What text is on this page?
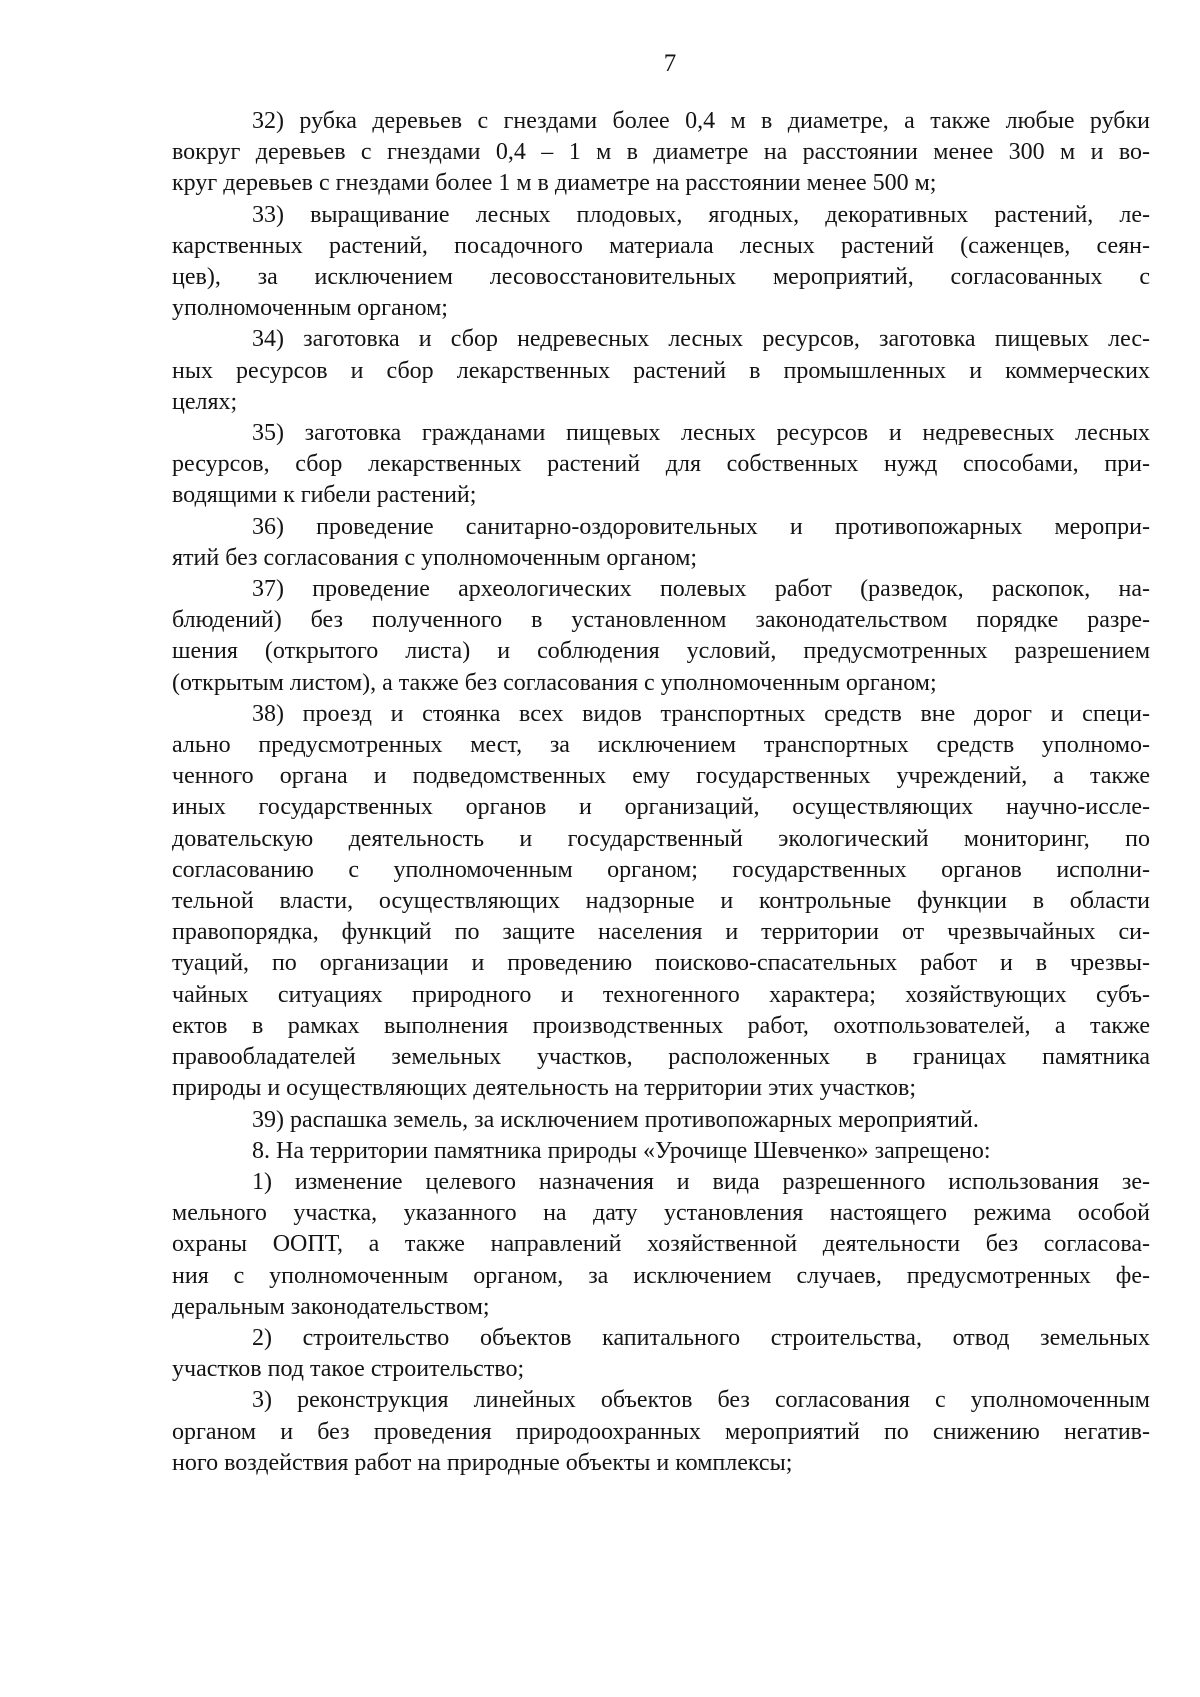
7
32) рубка деревьев с гнездами более 0,4 м в диаметре, а также любые рубки
вокруг деревьев с гнездами 0,4 – 1 м в диаметре на расстоянии менее 300 м и во-
круг деревьев с гнездами более 1 м в диаметре на расстоянии менее 500 м;
33) выращивание лесных плодовых, ягодных, декоративных растений, ле-
карственных растений, посадочного материала лесных растений (саженцев, сеян-
цев), за исключением лесовосстановительных мероприятий, согласованных с
уполномоченным органом;
34) заготовка и сбор недревесных лесных ресурсов, заготовка пищевых лес-
ных ресурсов и сбор лекарственных растений в промышленных и коммерческих
целях;
35) заготовка гражданами пищевых лесных ресурсов и недревесных лесных
ресурсов, сбор лекарственных растений для собственных нужд способами, при-
водящими к гибели растений;
36) проведение санитарно-оздоровительных и противопожарных меропри-
ятий без согласования с уполномоченным органом;
37) проведение археологических полевых работ (разведок, раскопок, на-
блюдений) без полученного в установленном законодательством порядке разре-
шения (открытого листа) и соблюдения условий, предусмотренных разрешением
(открытым листом), а также без согласования с уполномоченным органом;
38) проезд и стоянка всех видов транспортных средств вне дорог и специ-
ально предусмотренных мест, за исключением транспортных средств уполномо-
ченного органа и подведомственных ему государственных учреждений, а также
иных государственных органов и организаций, осуществляющих научно-иссле-
довательскую деятельность и государственный экологический мониторинг, по
согласованию с уполномоченным органом; государственных органов исполни-
тельной власти, осуществляющих надзорные и контрольные функции в области
правопорядка, функций по защите населения и территории от чрезвычайных си-
туаций, по организации и проведению поисково-спасательных работ и в чрезвы-
чайных ситуациях природного и техногенного характера; хозяйствующих субъ-
ектов в рамках выполнения производственных работ, охотпользователей, а также
правообладателей земельных участков, расположенных в границах памятника
природы и осуществляющих деятельность на территории этих участков;
39) распашка земель, за исключением противопожарных мероприятий.
8. На территории памятника природы «Урочище Шевченко» запрещено:
1) изменение целевого назначения и вида разрешенного использования зе-
мельного участка, указанного на дату установления настоящего режима особой
охраны ООПТ, а также направлений хозяйственной деятельности без согласова-
ния с уполномоченным органом, за исключением случаев, предусмотренных фе-
деральным законодательством;
2) строительство объектов капитального строительства, отвод земельных
участков под такое строительство;
3) реконструкция линейных объектов без согласования с уполномоченным
органом и без проведения природоохранных мероприятий по снижению негатив-
ного воздействия работ на природные объекты и комплексы;
